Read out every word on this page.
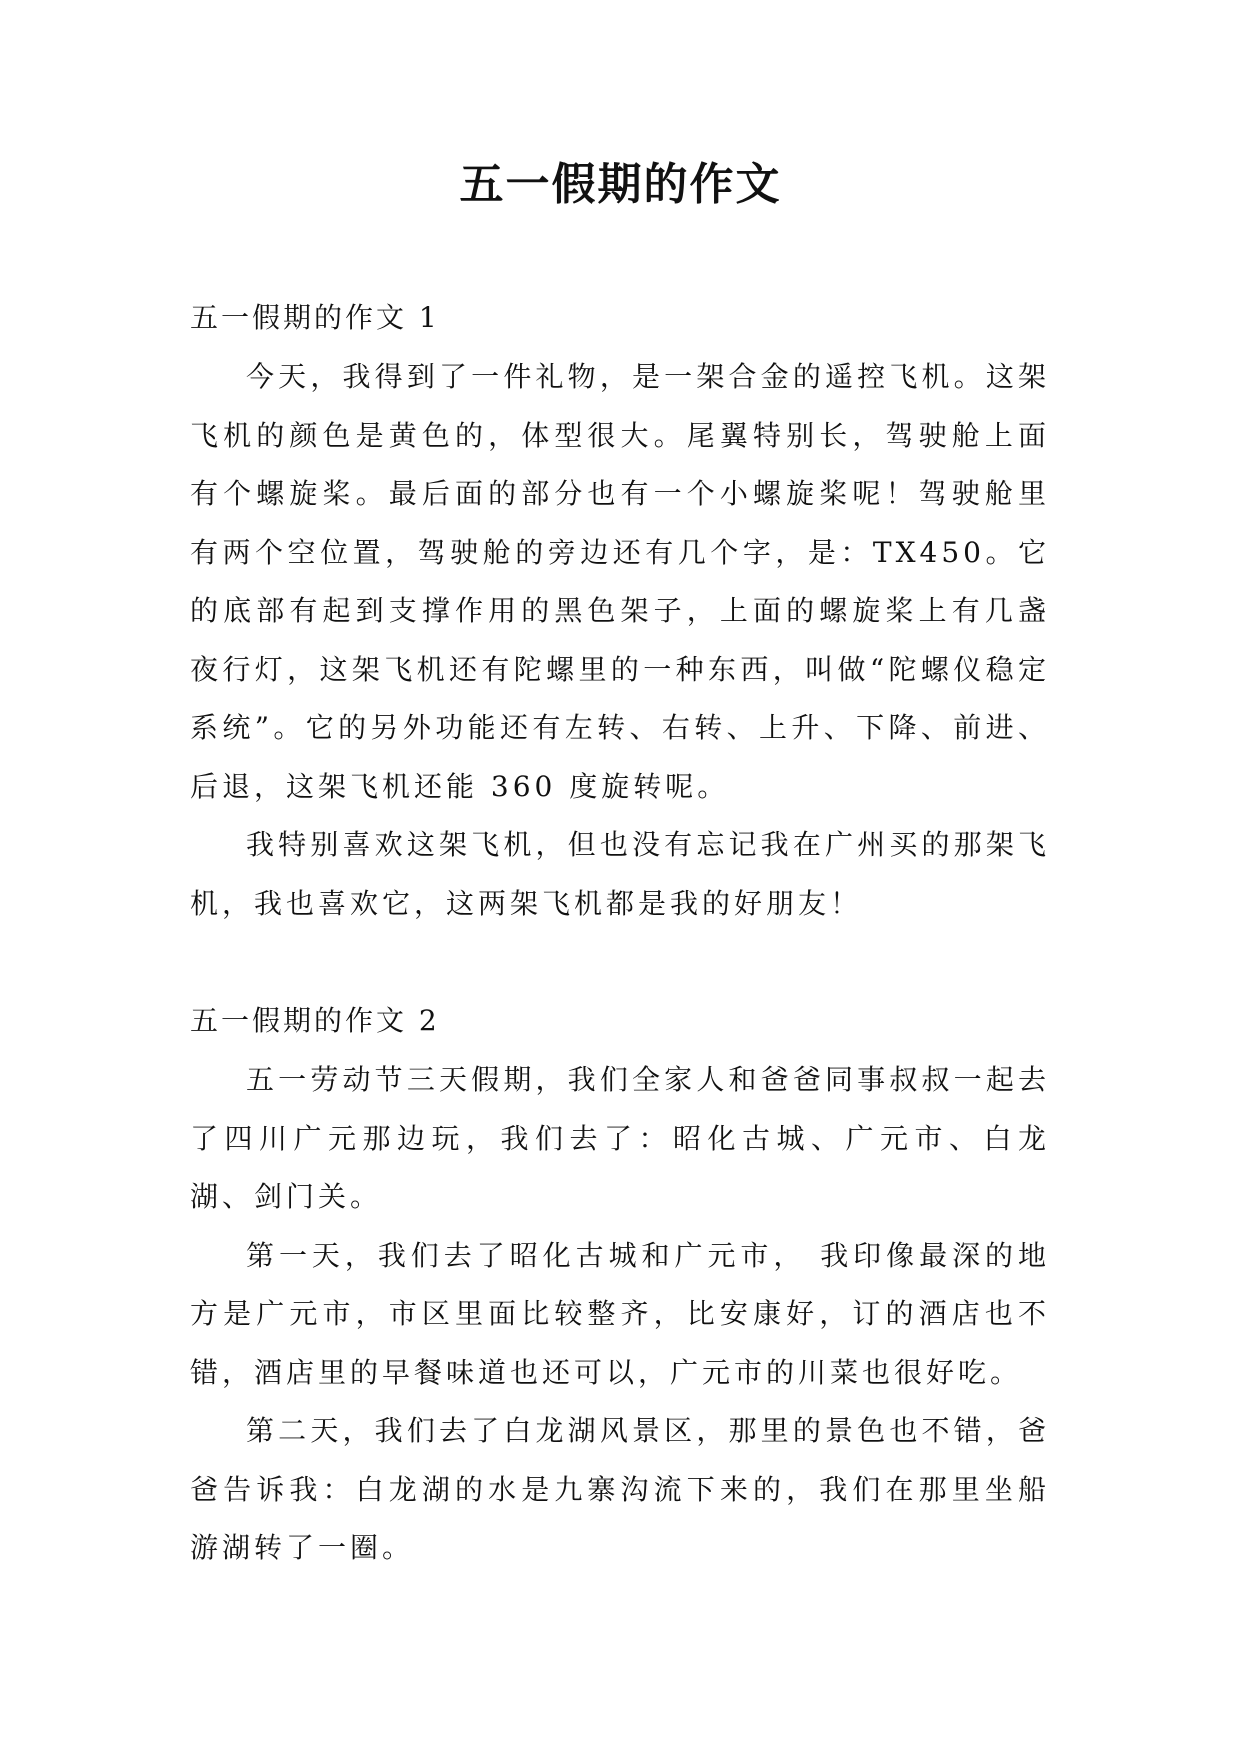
五一假期的作文
五一假期的作文 1

今天，我得到了一件礼物，是一架合金的遥控飞机。这架飞机的颜色是黄色的，体型很大。尾翼特别长，驾驶舱上面有个螺旋桨。最后面的部分也有一个小螺旋桨呢！驾驶舱里有两个空位置，驾驶舱的旁边还有几个字，是：TX450。它的底部有起到支撑作用的黑色架子，上面的螺旋桨上有几盏夜行灯，这架飞机还有陀螺里的一种东西，叫做“陀螺仪稳定系统”。它的另外功能还有左转、右转、上升、下降、前进、后退，这架飞机还能 360 度旋转呢。

我特别喜欢这架飞机，但也没有忘记我在广州买的那架飞机，我也喜欢它，这两架飞机都是我的好朋友！

五一假期的作文 2

五一劳动节三天假期，我们全家人和爸爸同事叔叔一起去了四川广元那边玩，我们去了：昭化古城、广元市、白龙湖、剑门关。

第一天，我们去了昭化古城和广元市， 我印像最深的地方是广元市，市区里面比较整齐，比安康好，订的酒店也不错，酒店里的早餐味道也还可以，广元市的川菜也很好吃。

第二天，我们去了白龙湖风景区，那里的景色也不错，爸爸告诉我：白龙湖的水是九寨沟流下来的，我们在那里坐船游湖转了一圈。
